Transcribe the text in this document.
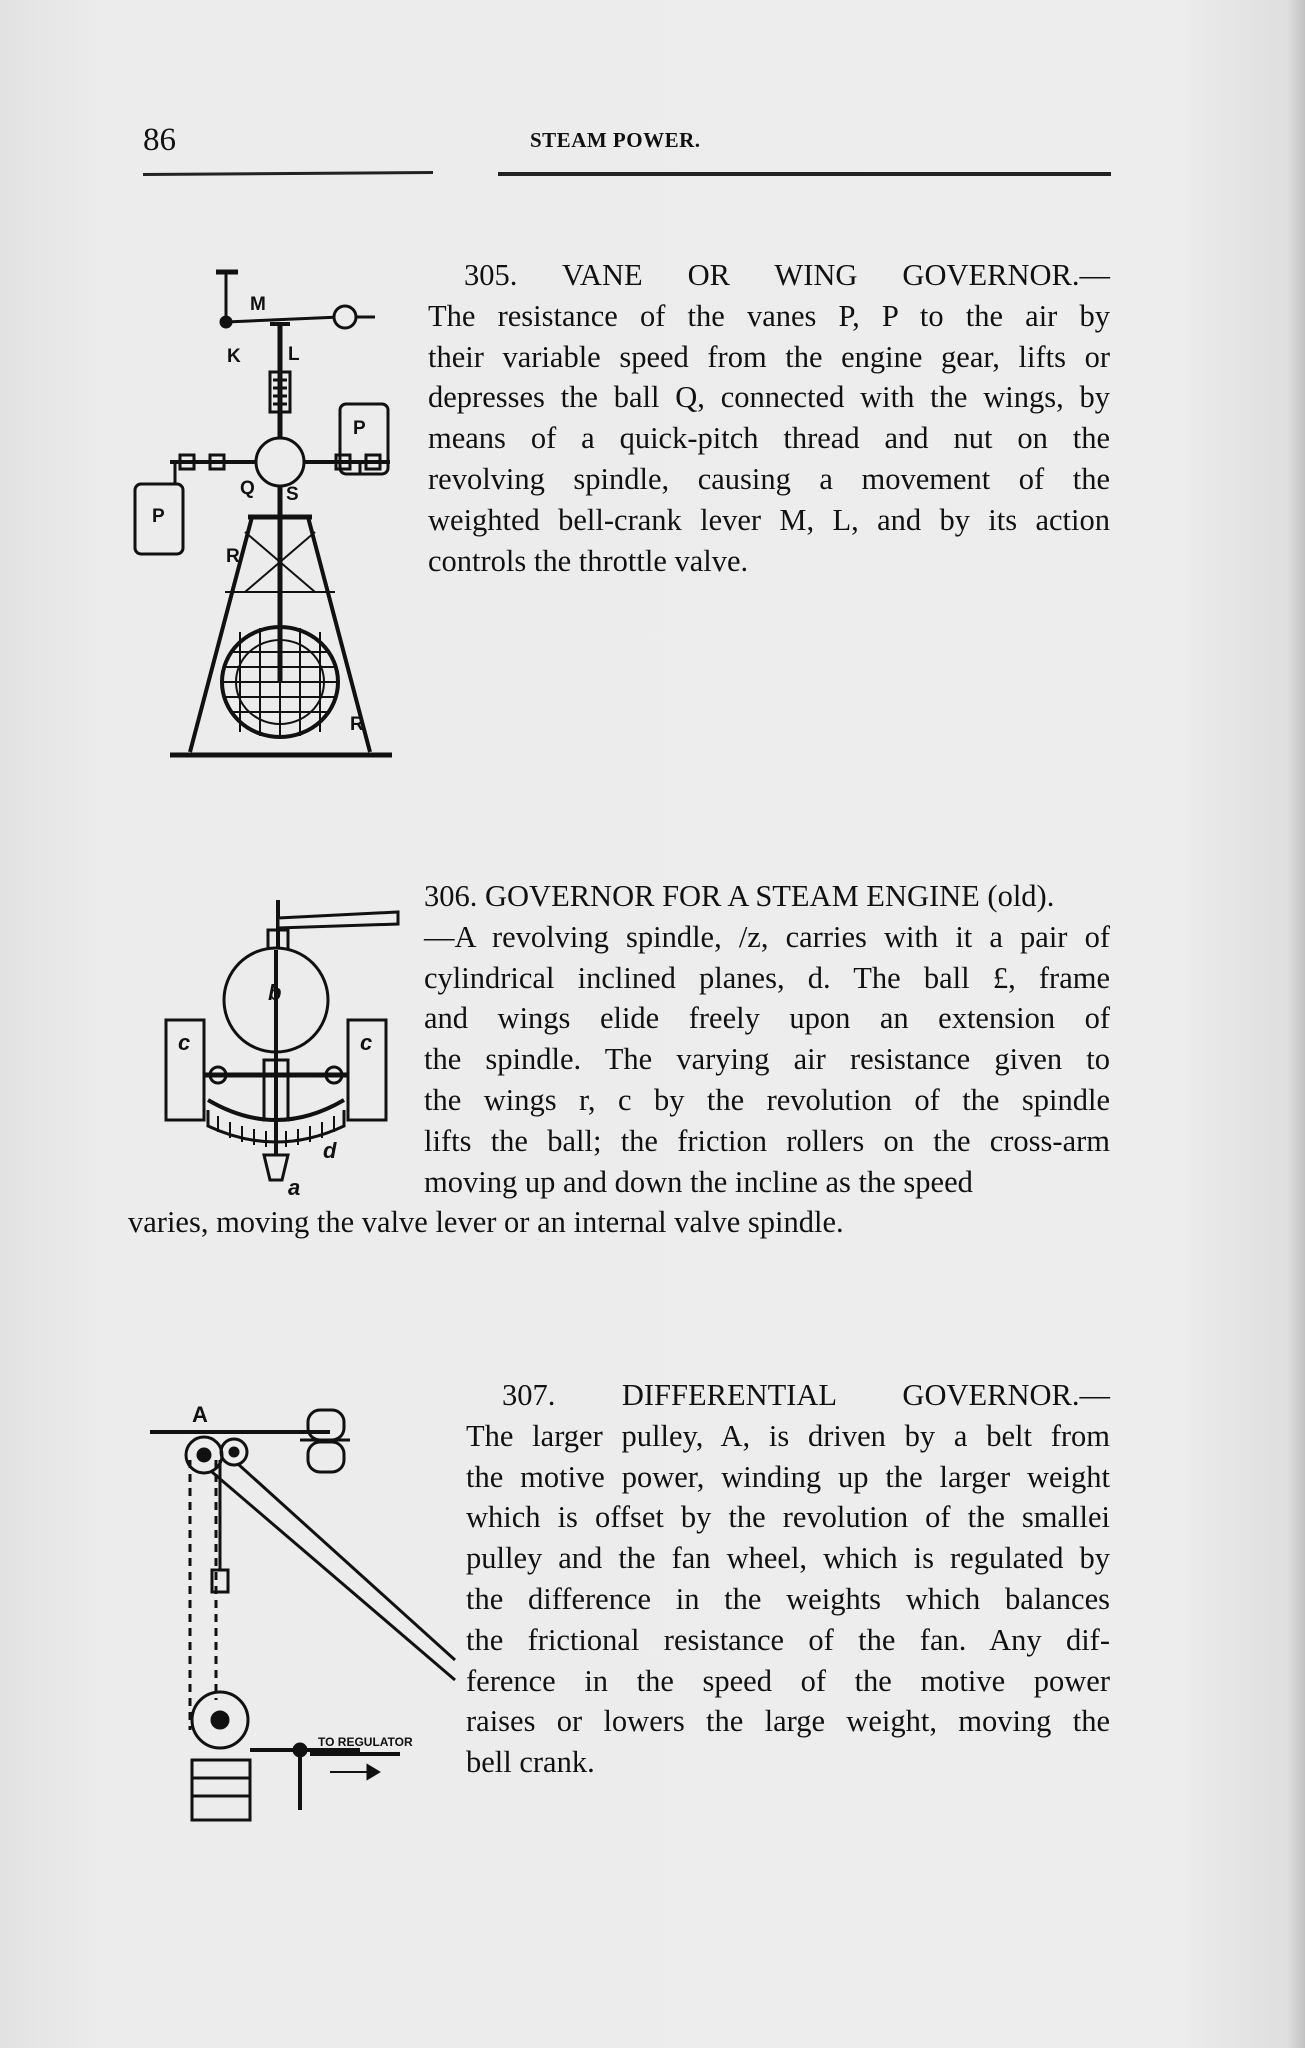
86	STEAM POWER.
M
K L
P
P
Q S
R
R
305. VANE OR WING GOVERNOR.—
The resistance of the vanes P, P to the air by
their variable speed from the engine gear, lifts or
depresses the ball Q, connected with the wings, by
means of a quick-pitch thread and nut on the
revolving spindle, causing a movement of the
weighted bell-crank lever M, L, and by its action
controls the throttle valve.
b
c	c
d
a
306. GOVERNOR FOR A STEAM ENGINE (old).
—A revolving spindle, /z, carries with it a pair of
cylindrical inclined planes, d. The ball £, frame
and wings еlide freely upon an extension of
the spindle. The varying air resistance given to
the wings r, c by the revolution of the spindle
lifts the ball; the friction rollers on the cross-arm
moving up and down the incline as the speed
varies, moving the valve lever or an internal valve spindle.
A
TO REGULATOR
307. DIFFERENTIAL GOVERNOR.—
The larger pulley, A, is driven by a belt from
the motive power, winding up the larger weight
which is offset by the revolution of the smallei
pulley and the fan wheel, which is regulated by
the difference in the weights which balances
the frictional resistance of the fan. Any dif-
ference in the speed of the motive power
raises or lowers the large weight, moving the
bell crank.
